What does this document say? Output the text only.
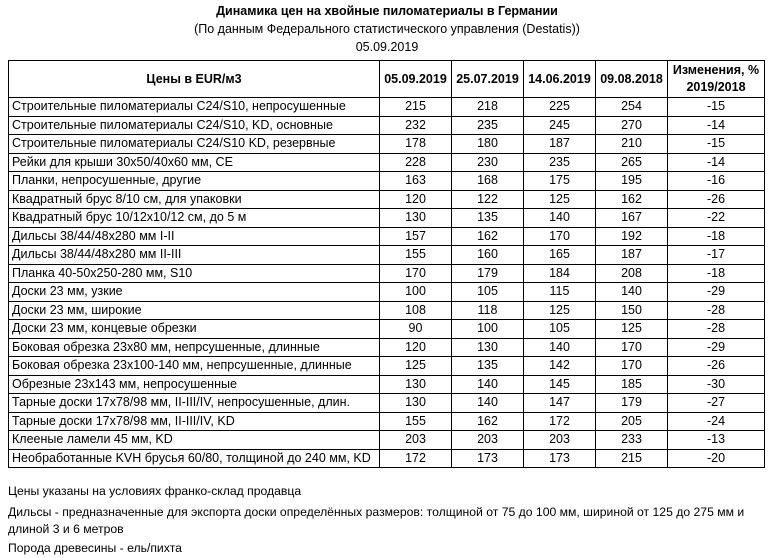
Динамика цен на хвойные пиломатериалы в Германии
(По данным Федерального статистического управления (Destatis))
05.09.2019
Цены в EUR/м3	05.09.2019	25.07.2019	14.06.2019	09.08.2018	Изменения, % 2019/2018
Строительные пиломатериалы C24/S10, непросушенные	215	218	225	254	-15
Строительные пиломатериалы C24/S10, KD, основные	232	235	245	270	-14
Строительные пиломатериалы C24/S10 KD, резервные	178	180	187	210	-15
Рейки для крыши 30x50/40x60 мм, CE	228	230	235	265	-14
Планки, непросушенные, другие	163	168	175	195	-16
Квадратный брус 8/10 см, для упаковки	120	122	125	162	-26
Квадратный брус 10/12x10/12 см, до 5 м	130	135	140	167	-22
Дильсы 38/44/48x280 мм I-II	157	162	170	192	-18
Дильсы 38/44/48x280 мм II-III	155	160	165	187	-17
Планка 40-50x250-280 мм, S10	170	179	184	208	-18
Доски 23 мм, узкие	100	105	115	140	-29
Доски 23 мм, широкие	108	118	125	150	-28
Доски 23 мм, концевые обрезки	90	100	105	125	-28
Боковая обрезка 23x80 мм, непрсушенные, длинные	120	130	140	170	-29
Боковая обрезка 23x100-140 мм, непрсушенные, длинные	125	135	142	170	-26
Обрезные 23x143 мм, непросушенные	130	140	145	185	-30
Тарные доски 17x78/98 мм, II-III/IV, непросушенные, длин.	130	140	147	179	-27
Тарные доски 17x78/98 мм, II-III/IV, KD	155	162	172	205	-24
Клееные ламели 45 мм, KD	203	203	203	233	-13
Необработанные KVH брусья 60/80, толщиной до 240 мм, KD	172	173	173	215	-20

Цены указаны на условиях франко-склад продавца

Дильсы - предназначенные для экспорта доски определённых размеров: толщиной от 75 до 100 мм, шириной от 125 до 275 мм и длиной 3 и 6 метров

Порода древесины - ель/пихта
